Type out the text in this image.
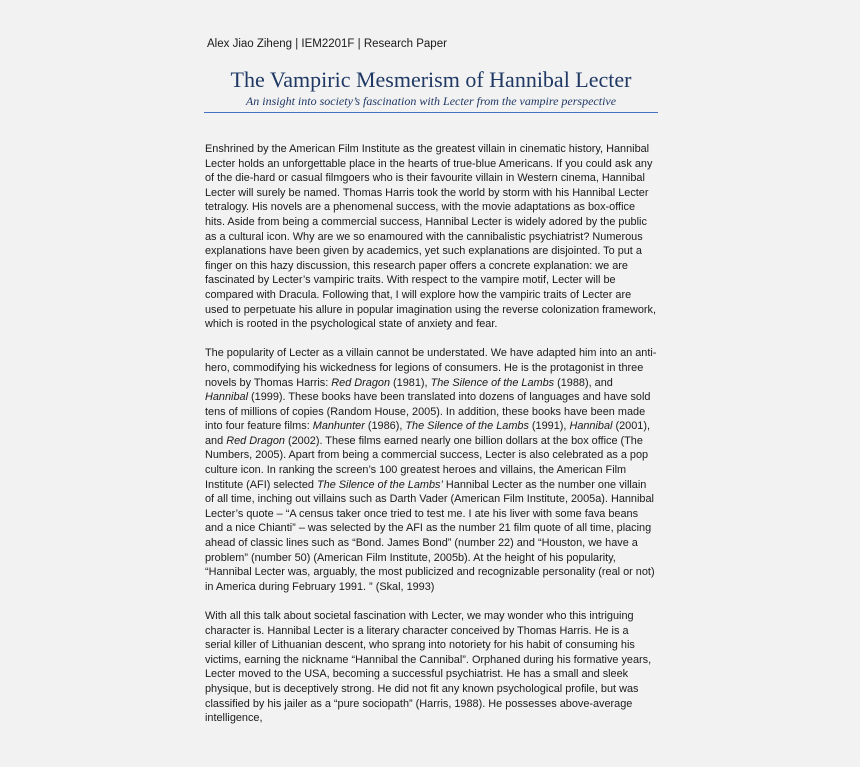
Alex Jiao Ziheng | IEM2201F | Research Paper
The Vampiric Mesmerism of Hannibal Lecter
An insight into society’s fascination with Lecter from the vampire perspective

Enshrined by the American Film Institute as the greatest villain in cinematic history, Hannibal Lecter holds an unforgettable place in the hearts of true-blue Americans. If you could ask any of the die-hard or casual filmgoers who is their favourite villain in Western cinema, Hannibal Lecter will surely be named. Thomas Harris took the world by storm with his Hannibal Lecter tetralogy. His novels are a phenomenal success, with the movie adaptations as box-office hits. Aside from being a commercial success, Hannibal Lecter is widely adored by the public as a cultural icon. Why are we so enamoured with the cannibalistic psychiatrist? Numerous explanations have been given by academics, yet such explanations are disjointed. To put a finger on this hazy discussion, this research paper offers a concrete explanation: we are fascinated by Lecter’s vampiric traits. With respect to the vampire motif, Lecter will be compared with Dracula. Following that, I will explore how the vampiric traits of Lecter are used to perpetuate his allure in popular imagination using the reverse colonization framework, which is rooted in the psychological state of anxiety and fear.

The popularity of Lecter as a villain cannot be understated. We have adapted him into an anti-hero, commodifying his wickedness for legions of consumers. He is the protagonist in three novels by Thomas Harris: Red Dragon (1981), The Silence of the Lambs (1988), and Hannibal (1999). These books have been translated into dozens of languages and have sold tens of millions of copies (Random House, 2005). In addition, these books have been made into four feature films: Manhunter (1986), The Silence of the Lambs (1991), Hannibal (2001), and Red Dragon (2002). These films earned nearly one billion dollars at the box office (The Numbers, 2005). Apart from being a commercial success, Lecter is also celebrated as a pop culture icon. In ranking the screen’s 100 greatest heroes and villains, the American Film Institute (AFI) selected The Silence of the Lambs’ Hannibal Lecter as the number one villain of all time, inching out villains such as Darth Vader (American Film Institute, 2005a). Hannibal Lecter’s quote – “A census taker once tried to test me. I ate his liver with some fava beans and a nice Chianti” – was selected by the AFI as the number 21 film quote of all time, placing ahead of classic lines such as “Bond. James Bond” (number 22) and “Houston, we have a problem” (number 50) (American Film Institute, 2005b). At the height of his popularity, “Hannibal Lecter was, arguably, the most publicized and recognizable personality (real or not) in America during February 1991. ” (Skal, 1993)

With all this talk about societal fascination with Lecter, we may wonder who this intriguing character is. Hannibal Lecter is a literary character conceived by Thomas Harris. He is a serial killer of Lithuanian descent, who sprang into notoriety for his habit of consuming his victims, earning the nickname “Hannibal the Cannibal”. Orphaned during his formative years, Lecter moved to the USA, becoming a successful psychiatrist. He has a small and sleek physique, but is deceptively strong. He did not fit any known psychological profile, but was classified by his jailer as a “pure sociopath” (Harris, 1988). He possesses above-average intelligence,
